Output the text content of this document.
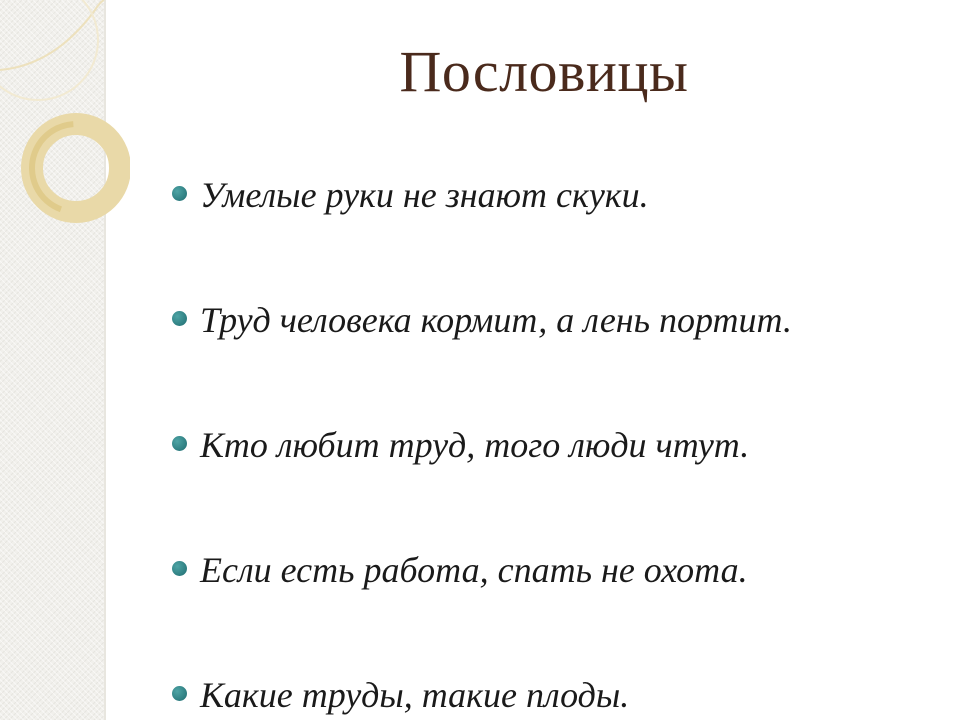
Пословицы
Умелые руки не знают скуки.
Труд человека кормит, а лень портит.
Кто любит труд, того люди чтут.
Если есть работа, спать не охота.
Какие труды, такие плоды.
